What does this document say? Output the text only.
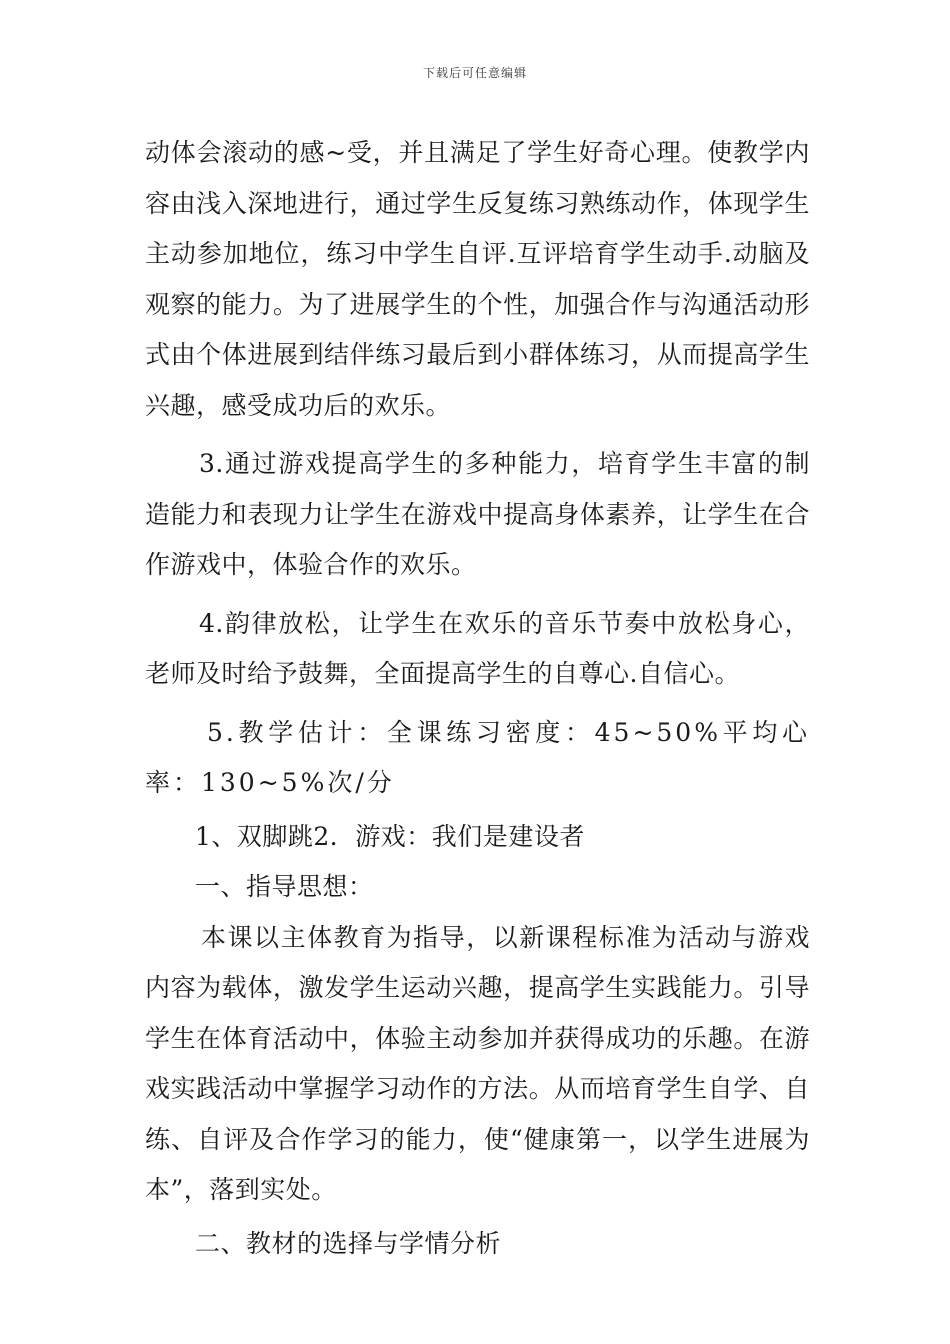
下载后可任意编辑

动体会滚动的感~受，并且满足了学生好奇心理。使教学内容由浅入深地进行，通过学生反复练习熟练动作，体现学生主动参加地位，练习中学生自评.互评培育学生动手.动脑及观察的能力。为了进展学生的个性，加强合作与沟通活动形式由个体进展到结伴练习最后到小群体练习，从而提高学生兴趣，感受成功后的欢乐。

3.通过游戏提高学生的多种能力，培育学生丰富的制造能力和表现力让学生在游戏中提高身体素养，让学生在合作游戏中，体验合作的欢乐。

4.韵律放松，让学生在欢乐的音乐节奏中放松身心，老师及时给予鼓舞，全面提高学生的自尊心.自信心。

5.教学估计：全课练习密度：45~50%平均心率：130~5%次/分

1、双脚跳2．游戏：我们是建设者

一、指导思想：

本课以主体教育为指导，以新课程标准为活动与游戏内容为载体，激发学生运动兴趣，提高学生实践能力。引导学生在体育活动中，体验主动参加并获得成功的乐趣。在游戏实践活动中掌握学习动作的方法。从而培育学生自学、自练、自评及合作学习的能力，使“健康第一，以学生进展为本”，落到实处。

二、教材的选择与学情分析
